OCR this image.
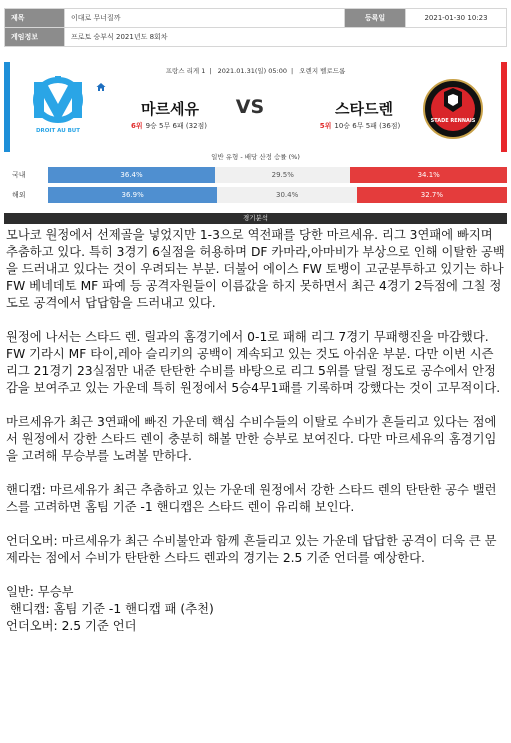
제목	이대로 무너질까	등록일	2021-01-30 10:23
게임정보	프로토 승부식 2021년도 8회차		
프랑스 리게 1 | 2021.01.31(일) 05:00 | 오렌지 벨로드롬
DROIT AU BUT
마르세유	VS	스타드렌
6위 9승 5무 6패 (32점)	5위 10승 6무 5패 (36점)
STADE RENNAIS
일반 유형 - 배당 산정 승률 (%)
국내	36.4%	29.5%	34.1%
해외	36.9%	30.4%	32.7%
경기분석

모나코 원정에서 선제골을 넣었지만 1-3으로 역전패를 당한 마르세유. 리그 3연패에 빠지며 추춤하고 있다. 특히 3경기 6실점을 허용하며 DF 카마라,아마비가 부상으로 인해 이탈한 공백을 드러내고 있다는 것이 우려되는 부분. 더불어 에이스 FW 토뱅이 고군분투하고 있기는 하나 FW 베네데토 MF 파예 등 공격자원들이 이름값을 하지 못하면서 최근 4경기 2득점에 그칠 정도로 공격에서 답답함을 드러내고 있다.

원정에 나서는 스타드 렌. 릴과의 홈경기에서 0-1로 패해 리그 7경기 무패행진을 마감했다. FW 기라시 MF 타이,레아 슬리키의 공백이 계속되고 있는 것도 아쉬운 부분. 다만 이번 시즌 리그 21경기 23실점만 내준 탄탄한 수비를 바탕으로 리그 5위를 달릴 정도로 공수에서 안정감을 보여주고 있는 가운데 특히 원정에서 5승4무1패를 기록하며 강했다는 것이 고무적이다.

마르세유가 최근 3연패에 빠진 가운데 핵심 수비수들의 이탈로 수비가 흔들리고 있다는 점에서 원정에서 강한 스타드 렌이 충분히 해볼 만한 승부로 보여진다. 다만 마르세유의 홈경기임을 고려해 무승부를 노려볼 만하다.

핸디캡: 마르세유가 최근 추춤하고 있는 가운데 원정에서 강한 스타드 렌의 탄탄한 공수 밸런스를 고려하면 홈팀 기준 -1 핸디캡은 스타드 렌이 유리해 보인다.

언더오버: 마르세유가 최근 수비불안과 함께 흔들리고 있는 가운데 답답한 공격이 더욱 큰 문제라는 점에서 수비가 탄탄한 스타드 렌과의 경기는 2.5 기준 언더를 예상한다.

일반: 무승부

핸디캡: 홈팀 기준 -1 핸디캡 패 (추천)

언더오버: 2.5 기준 언더
